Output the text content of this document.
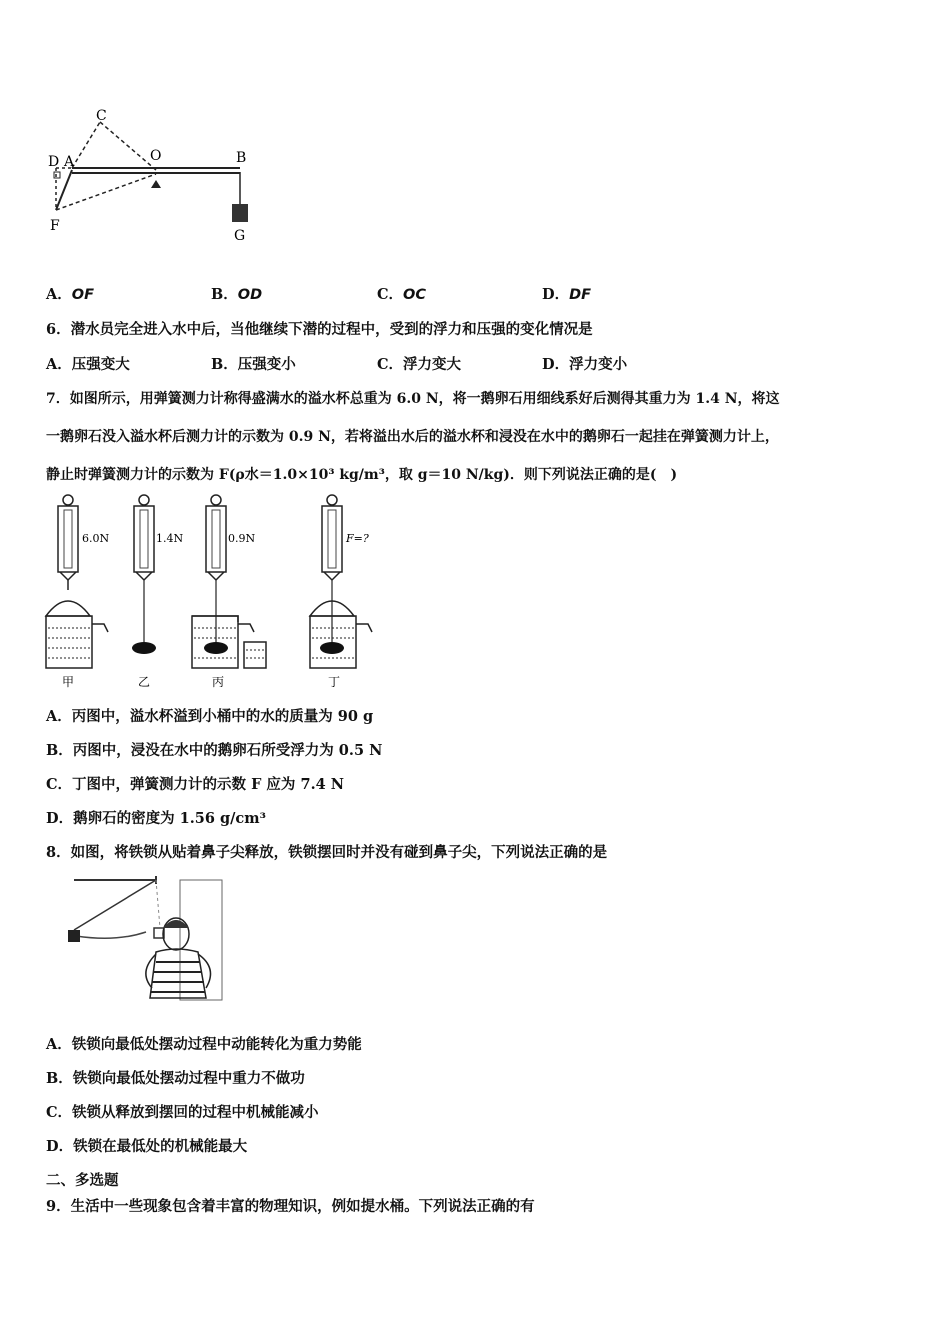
C
D A	O	B
F
G
A．OF	B．OD	C．OC	D．DF
6．潜水员完全进入水中后，当他继续下潜的过程中，受到的浮力和压强的变化情况是
A．压强变大	B．压强变小	C．浮力变大	D．浮力变小
7．如图所示，用弹簧测力计称得盛满水的溢水杯总重为 6.0 N，将一鹅卵石用细线系好后测得其重力为 1.4 N，将这
一鹅卵石没入溢水杯后测力计的示数为 0.9 N，若将溢出水后的溢水杯和浸没在水中的鹅卵石一起挂在弹簧测力计上，
静止时弹簧测力计的示数为 F(ρ水＝1.0×10³ kg/m³，取 g＝10 N/kg)．则下列说法正确的是(　)
6.0N
甲
1.4N
乙
0.9N
丙
F=?
丁
A．丙图中，溢水杯溢到小桶中的水的质量为 90 g
B．丙图中，浸没在水中的鹅卵石所受浮力为 0.5 N
C．丁图中，弹簧测力计的示数 F 应为 7.4 N
D．鹅卵石的密度为 1.56 g/cm³
8．如图，将铁锁从贴着鼻子尖释放，铁锁摆回时并没有碰到鼻子尖，下列说法正确的是
A．铁锁向最低处摆动过程中动能转化为重力势能
B．铁锁向最低处摆动过程中重力不做功
C．铁锁从释放到摆回的过程中机械能减小
D．铁锁在最低处的机械能最大
二、多选题
9．生活中一些现象包含着丰富的物理知识，例如提水桶。下列说法正确的有
